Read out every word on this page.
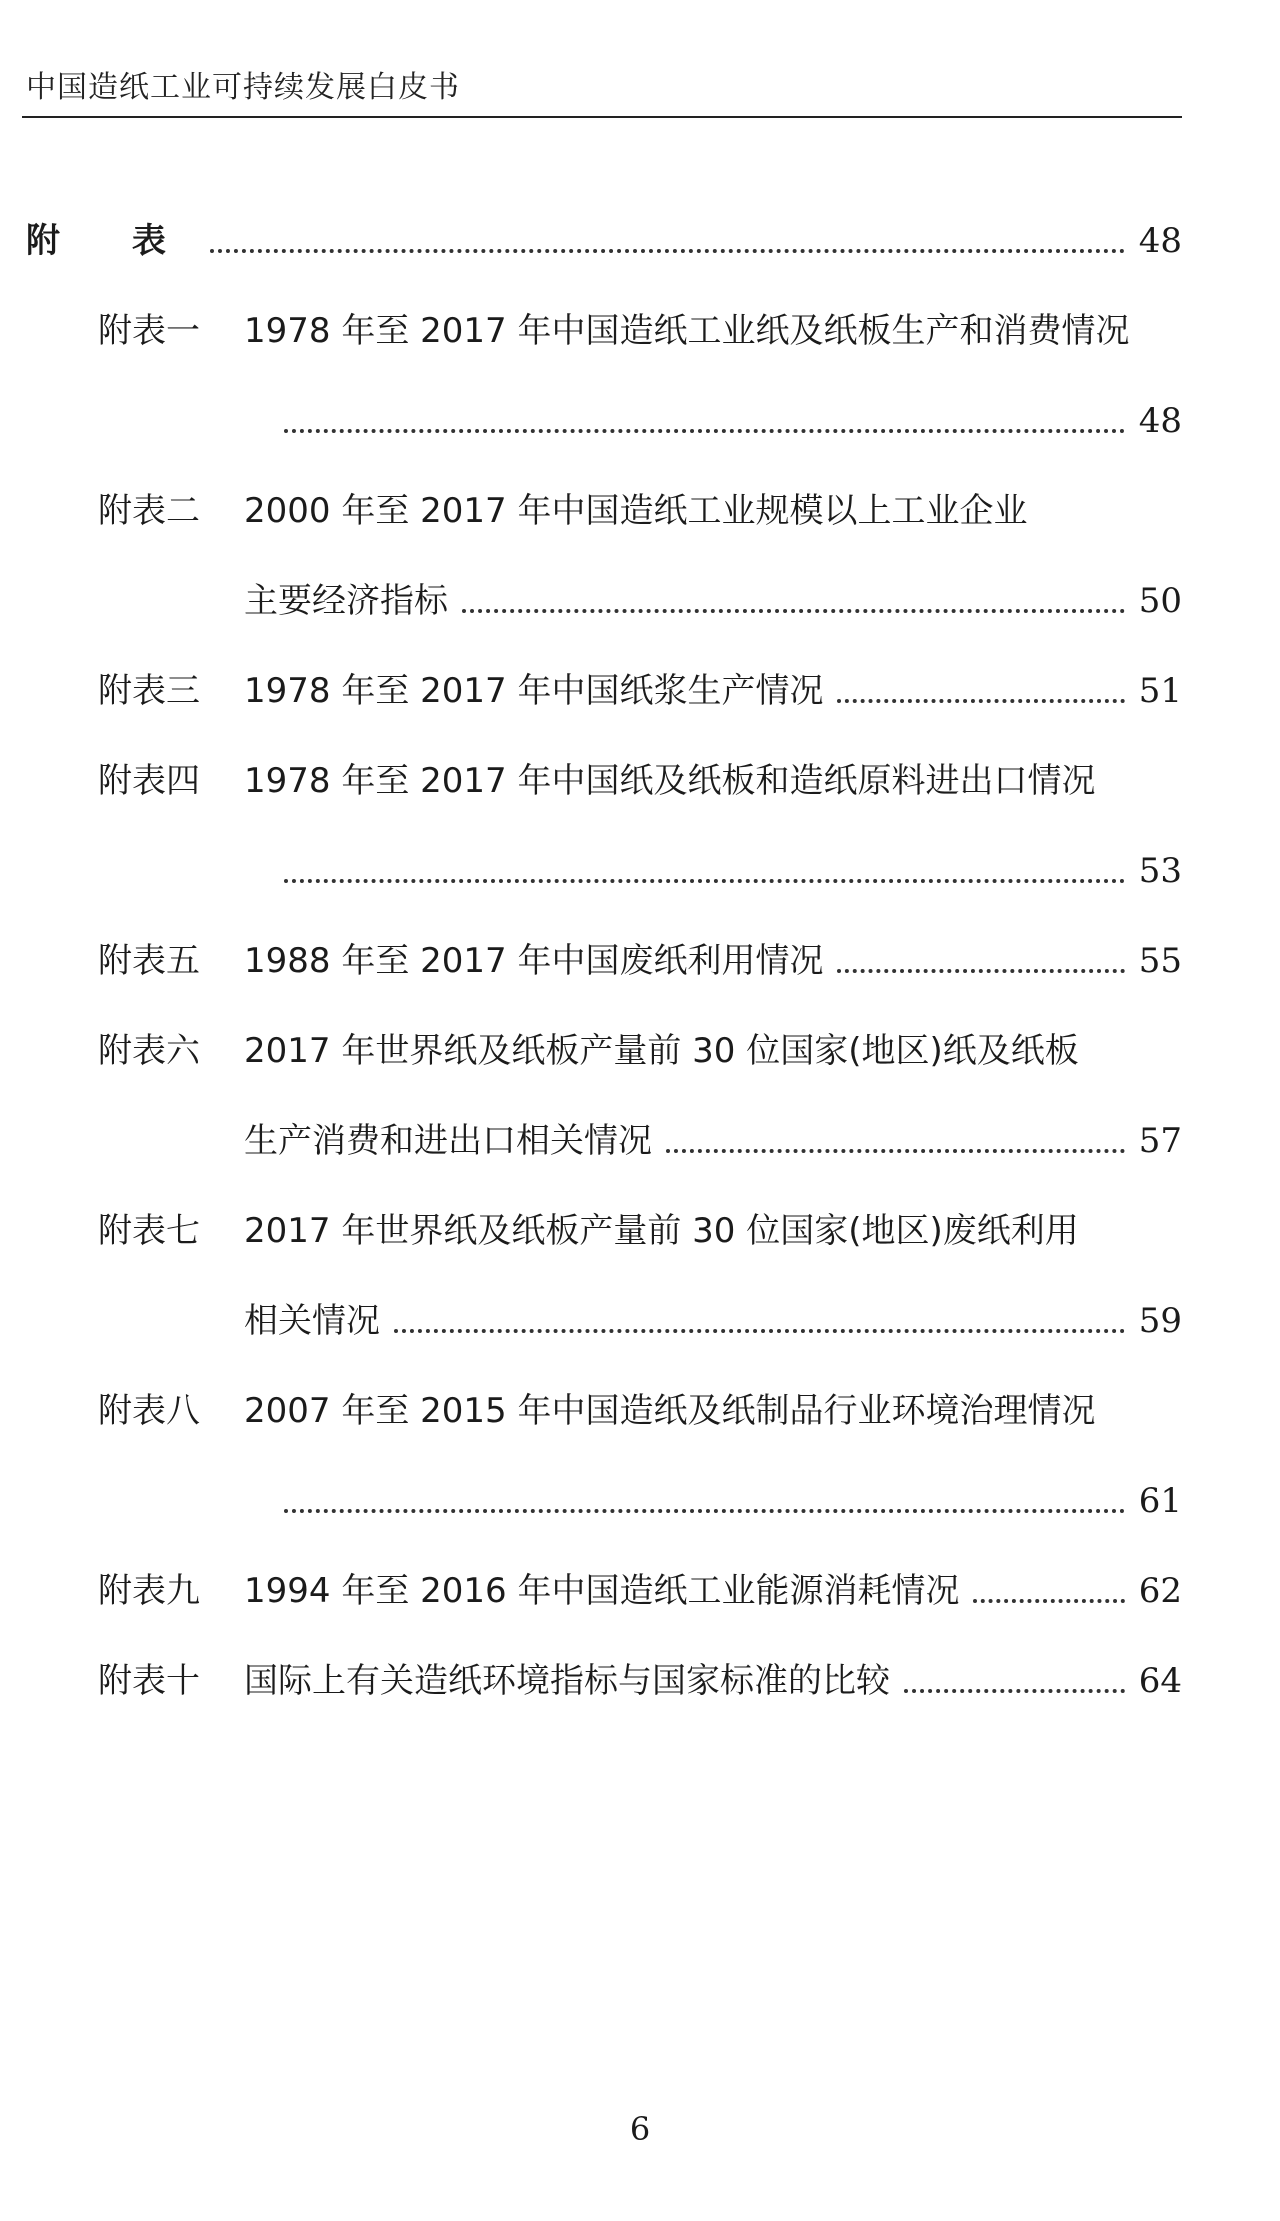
中国造纸工业可持续发展白皮书
附 表	48
附表一 1978 年至 2017 年中国造纸工业纸及纸板生产和消费情况
48
附表二 2000 年至 2017 年中国造纸工业规模以上工业企业
主要经济指标	50
附表三 1978 年至 2017 年中国纸浆生产情况	51
附表四 1978 年至 2017 年中国纸及纸板和造纸原料进出口情况
53
附表五 1988 年至 2017 年中国废纸利用情况	55
附表六 2017 年世界纸及纸板产量前 30 位国家(地区)纸及纸板
生产消费和进出口相关情况	57
附表七 2017 年世界纸及纸板产量前 30 位国家(地区)废纸利用
相关情况	59
附表八 2007 年至 2015 年中国造纸及纸制品行业环境治理情况
61
附表九 1994 年至 2016 年中国造纸工业能源消耗情况	62
附表十 国际上有关造纸环境指标与国家标准的比较	64
6
